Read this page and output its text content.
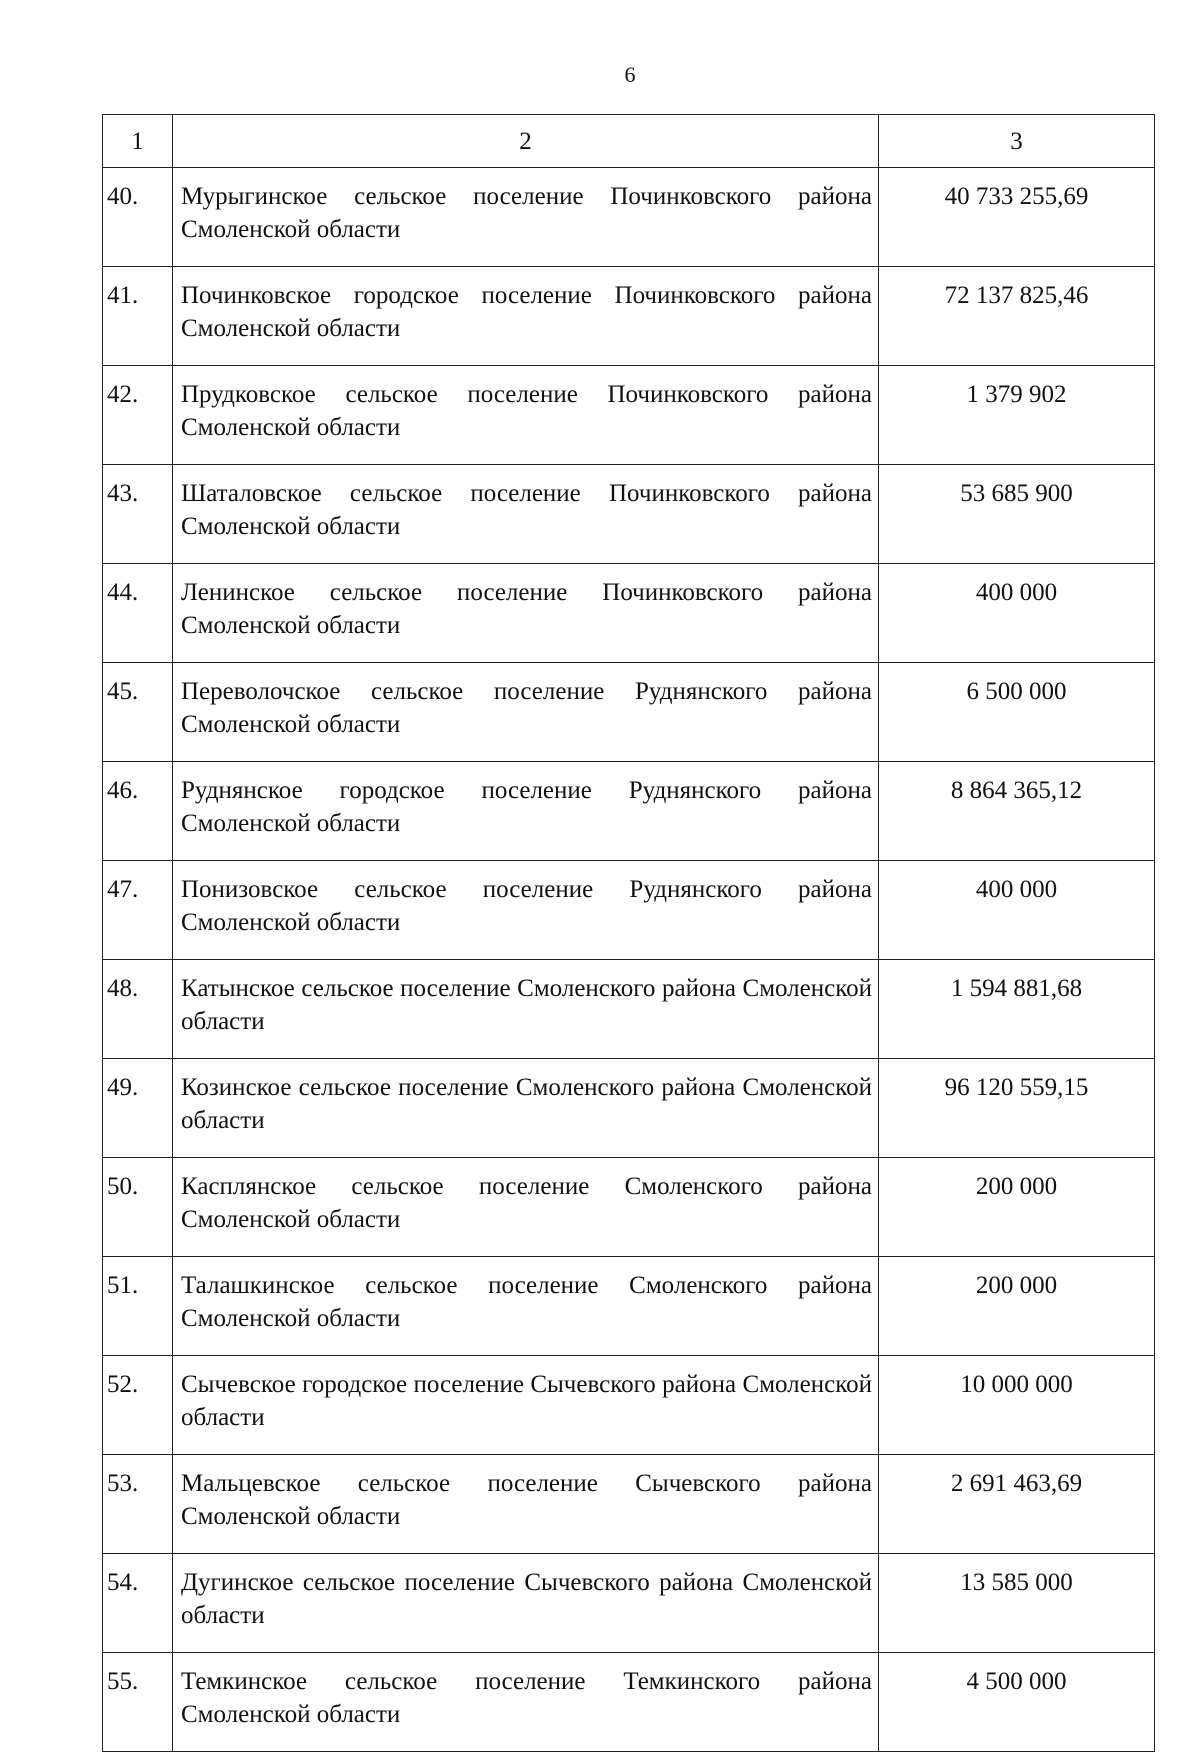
6
1	2	3
40.	Мурыгинское сельское поселение Починковского района Смоленской области	40 733 255,69
41.	Починковское городское поселение Починковского района Смоленской области	72 137 825,46
42.	Прудковское сельское поселение Починковского района Смоленской области	1 379 902
43.	Шаталовское сельское поселение Починковского района Смоленской области	53 685 900
44.	Ленинское сельское поселение Починковского района Смоленской области	400 000
45.	Переволочское сельское поселение Руднянского района Смоленской области	6 500 000
46.	Руднянское городское поселение Руднянского района Смоленской области	8 864 365,12
47.	Понизовское сельское поселение Руднянского района Смоленской области	400 000
48.	Катынское сельское поселение Смоленского района Смоленской области	1 594 881,68
49.	Козинское сельское поселение Смоленского района Смоленской области	96 120 559,15
50.	Касплянское сельское поселение Смоленского района Смоленской области	200 000
51.	Талашкинское сельское поселение Смоленского района Смоленской области	200 000
52.	Сычевское городское поселение Сычевского района Смоленской области	10 000 000
53.	Мальцевское сельское поселение Сычевского района Смоленской области	2 691 463,69
54.	Дугинское сельское поселение Сычевского района Смоленской области	13 585 000
55.	Темкинское сельское поселение Темкинского района Смоленской области	4 500 000
